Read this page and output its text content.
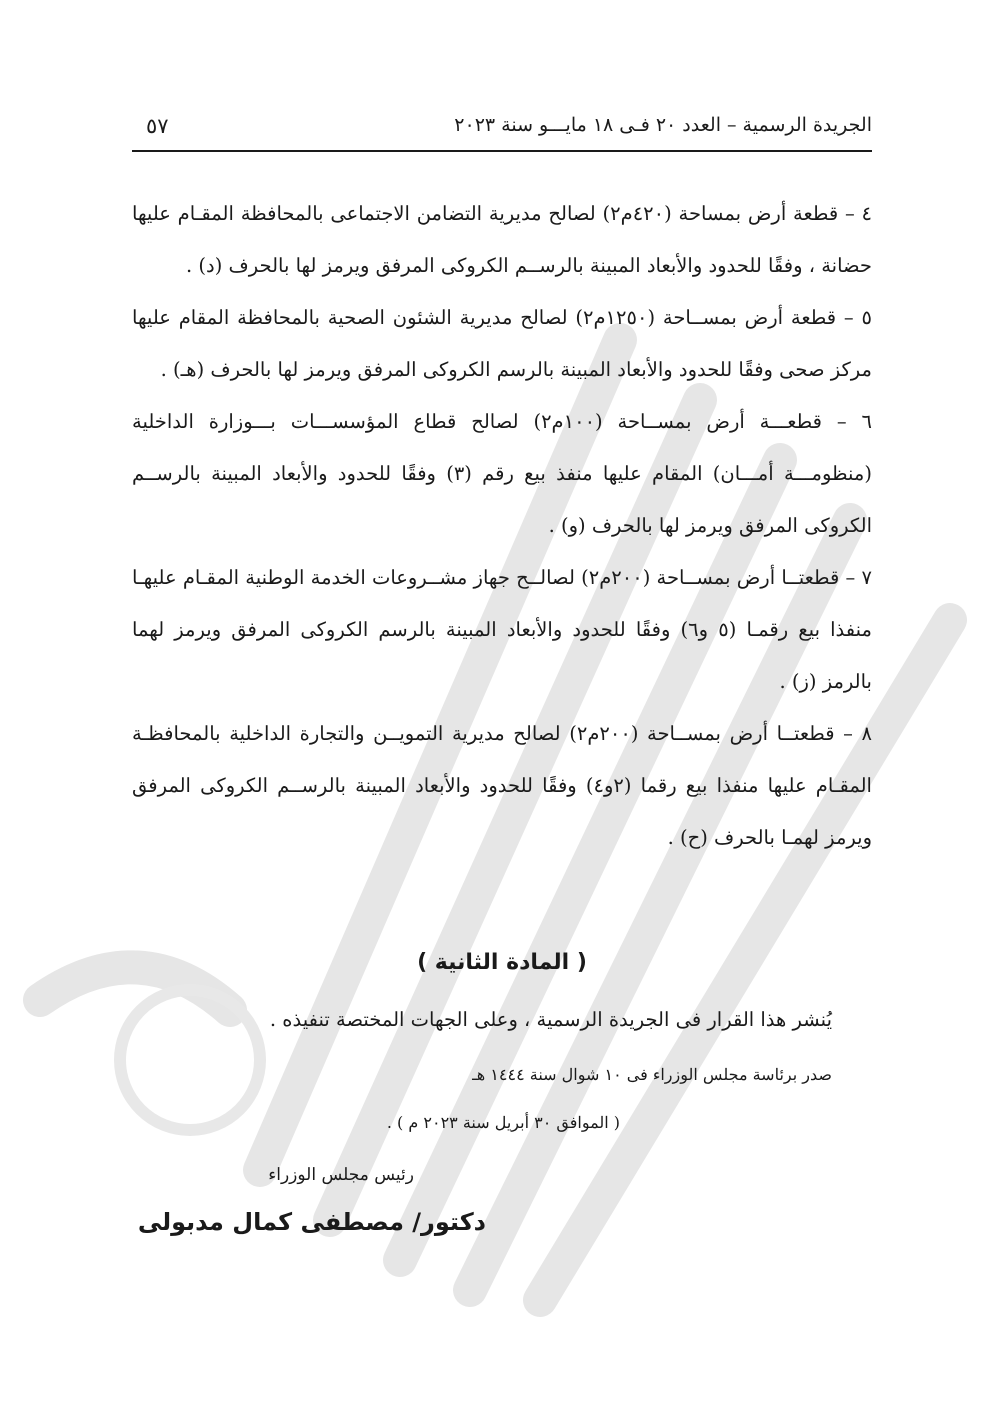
الجريدة الرسمية – العدد ٢٠ فـى ١٨ مايـــو سنة ٢٠٢٣
٥٧

٤ – قطعة أرض بمساحة (٤٢٠م٢) لصالح مديرية التضامن الاجتماعى بالمحافظة المقـام عليها حضانة ، وفقًا للحدود والأبعاد المبينة بالرســم الكروكى المرفق ويرمز لها بالحرف (د) .

٥ – قطعة أرض بمســاحة (١٢٥٠م٢) لصالح مديرية الشئون الصحية بالمحافظة المقام عليها مركز صحى وفقًا للحدود والأبعاد المبينة بالرسم الكروكى المرفق ويرمز لها بالحرف (هـ) .

٦ – قطعـــة أرض بمســاحة (١٠٠م٢) لصالح قطاع المؤسســـات بـــوزارة الداخلية (منظومـــة أمـــان) المقام عليها منفذ بيع رقم (٣) وفقًا للحدود والأبعاد المبينة بالرســم الكروكى المرفق ويرمز لها بالحرف (و) .

٧ – قطعتــا أرض بمســاحة (٢٠٠م٢) لصالــح جهاز مشــروعات الخدمة الوطنية المقـام عليهـا منفذا بيع رقمـا (٥ و٦) وفقًا للحدود والأبعاد المبينة بالرسم الكروكى المرفق ويرمز لهما بالرمز (ز) .

٨ – قطعتــا أرض بمســاحة (٢٠٠م٢) لصالح مديرية التمويــن والتجارة الداخلية بالمحافظـة المقـام عليها منفذا بيع رقما (٢و٤) وفقًا للحدود والأبعاد المبينة بالرســم الكروكى المرفق ويرمز لهمـا بالحرف (ح) .

( المادة الثانية )
يُنشر هذا القرار فى الجريدة الرسمية ، وعلى الجهات المختصة تنفيذه .
صدر برئاسة مجلس الوزراء فى ١٠ شوال سنة ١٤٤٤ هـ
( الموافق ٣٠ أبريل سنة ٢٠٢٣ م ) .
رئيس مجلس الوزراء
دكتور/ مصطفى كمال مدبولى
